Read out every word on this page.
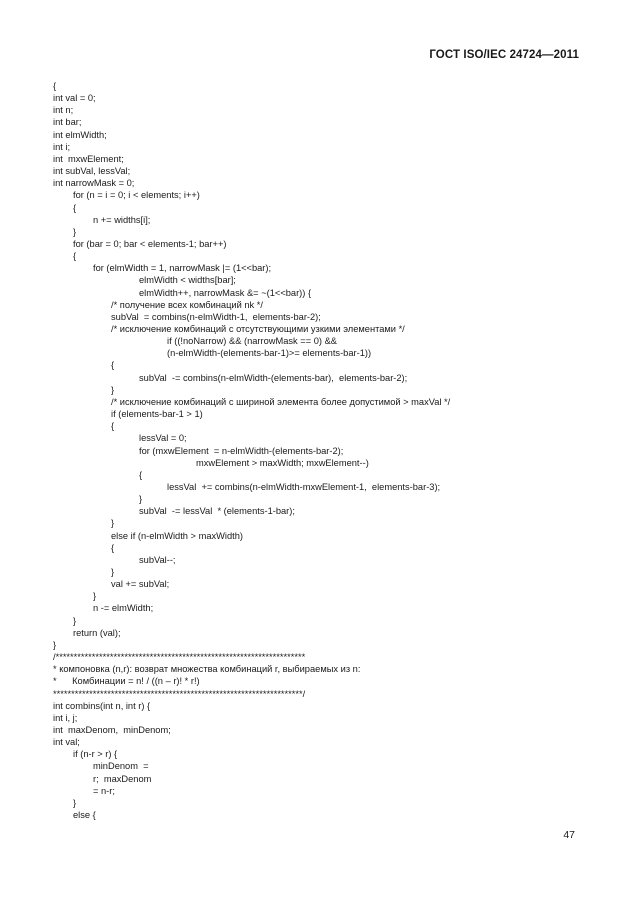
ГОСТ ISO/IEC 24724—2011
{
int val = 0;
int n;
int bar;
int elmWidth;
int i;
int  mxwElement;
int subVal, lessVal;
int narrowMask = 0;
for (n = i = 0; i < elements; i++)
{
n += widths[i];
}
for (bar = 0; bar < elements-1; bar++)
{
for (elmWidth = 1, narrowMask |= (1<<bar);
elmWidth < widths[bar];
elmWidth++, narrowMask &= ~(1<<bar)) {
/* получение всех комбинаций nk */
subVal  = combins(n-elmWidth-1,  elements-bar-2);
/* исключение комбинаций с отсутствующими узкими элементами */
if ((!noNarrow) && (narrowMask == 0) &&
(n-elmWidth-(elements-bar-1)>= elements-bar-1))
{
subVal  -= combins(n-elmWidth-(elements-bar),  elements-bar-2);
}
/* исключение комбинаций с шириной элемента более допустимой > maxVal */
if (elements-bar-1 > 1)
{
lessVal = 0;
for (mxwElement  = n-elmWidth-(elements-bar-2);
mxwElement > maxWidth; mxwElement--)
{
lessVal  += combins(n-elmWidth-mxwElement-1,  elements-bar-3);
}
subVal  -= lessVal  * (elements-1-bar);
}
else if (n-elmWidth > maxWidth)
{
subVal--;
}
val += subVal;
}
n -= elmWidth;
}
return (val);
}
/*********************************************************************
* компоновка (n,r): возврат множества комбинаций r, выбираемых из n:
*      Комбинации = n! / ((n – r)! * r!)
*********************************************************************/
int combins(int n, int r) {
int i, j;
int  maxDenom,  minDenom;
int val;
if (n-r > r) {
minDenom  =
r;  maxDenom
= n-r;
}
else {
47
